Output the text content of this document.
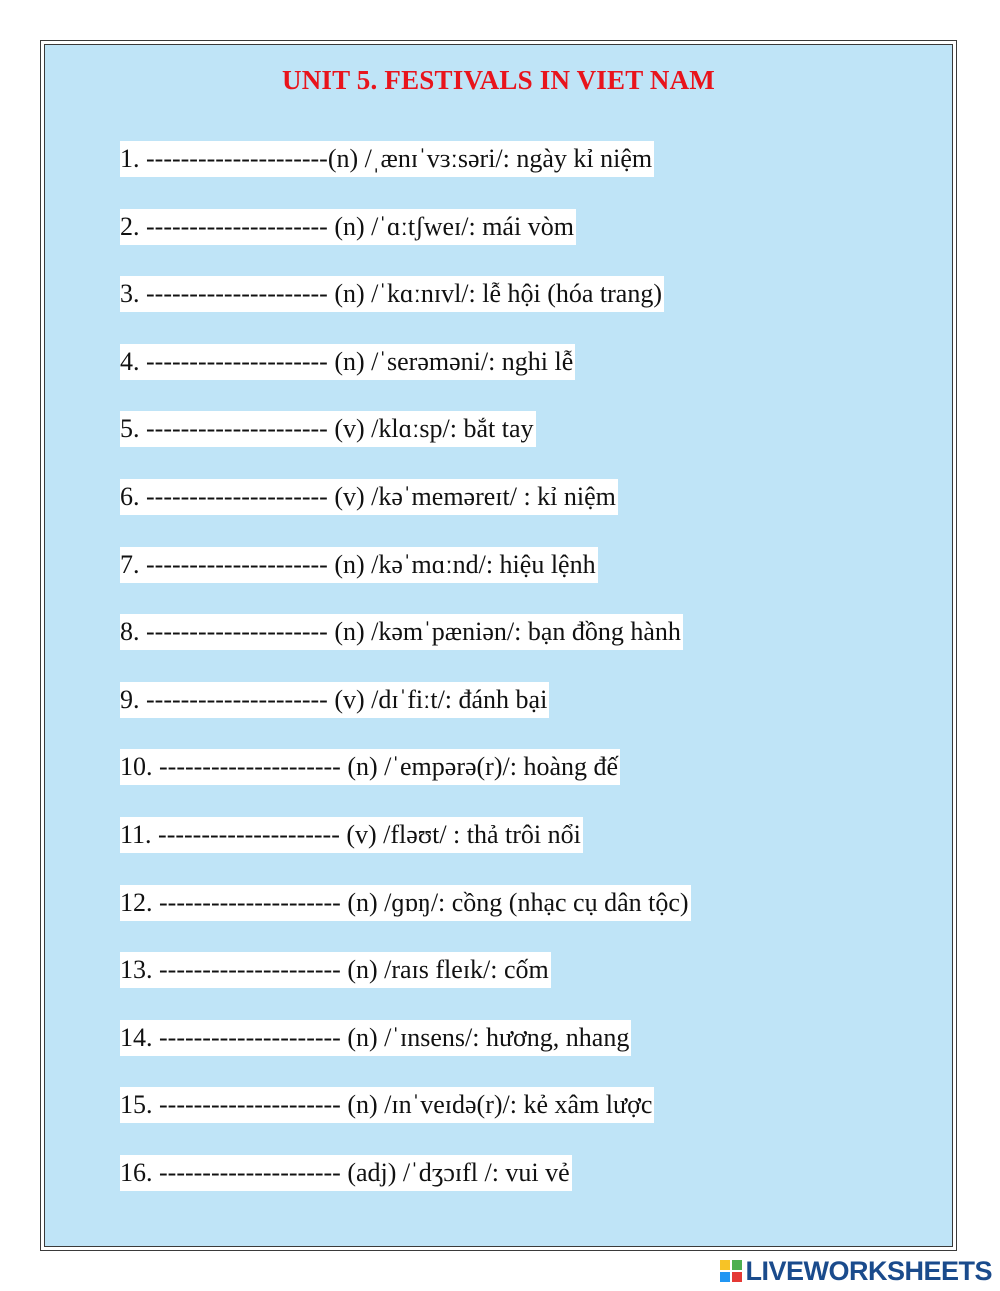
UNIT 5. FESTIVALS IN VIET NAM
1. ---------------------(n) /ˌænɪˈvɜːsəri/: ngày kỉ niệm
2. --------------------- (n) /ˈɑːtʃweɪ/: mái vòm
3. --------------------- (n) /ˈkɑːnɪvl/: lễ hội (hóa trang)
4. --------------------- (n) /ˈserəməni/: nghi lễ
5. --------------------- (v) /klɑːsp/: bắt tay
6. --------------------- (v) /kəˈmeməreɪt/ : kỉ niệm
7. --------------------- (n) /kəˈmɑːnd/: hiệu lệnh
8. --------------------- (n) /kəmˈpæniən/: bạn đồng hành
9. --------------------- (v) /dɪˈfiːt/: đánh bại
10. --------------------- (n) /ˈempərə(r)/: hoàng đế
11. --------------------- (v) /fləʊt/ : thả trôi nổi
12. --------------------- (n) /ɡɒŋ/: cồng (nhạc cụ dân tộc)
13. --------------------- (n) /raɪs fleɪk/: cốm
14. --------------------- (n) /ˈɪnsens/: hương, nhang
15. --------------------- (n) /ɪnˈveɪdə(r)/: kẻ xâm lược
16. --------------------- (adj) /ˈdʒɔɪfl /: vui vẻ
LIVEWORKSHEETS
